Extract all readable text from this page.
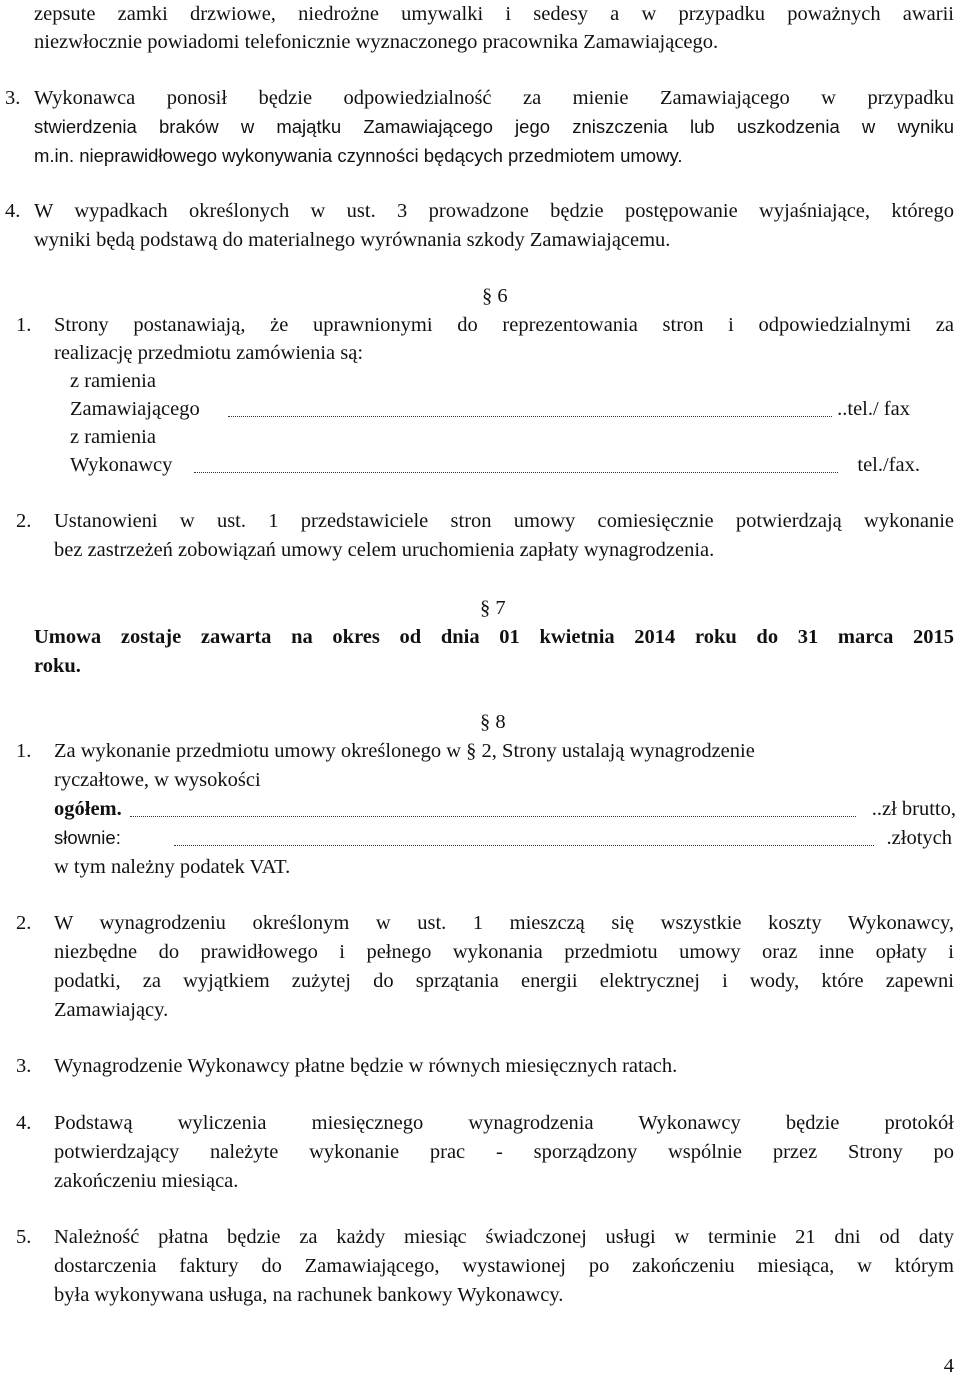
zepsute zamki drzwiowe, niedrożne umywalki i sedesy a w przypadku poważnych awarii
niezwłocznie powiadomi telefonicznie wyznaczonego pracownika Zamawiającego.
3. Wykonawca ponosił będzie odpowiedzialność za mienie Zamawiającego w przypadku
stwierdzenia braków w majątku Zamawiającego jego zniszczenia lub uszkodzenia w wyniku
m.in. nieprawidłowego wykonywania czynności będących przedmiotem umowy.
4. W wypadkach określonych w ust. 3 prowadzone będzie postępowanie wyjaśniające, którego
wyniki będą podstawą do materialnego wyrównania szkody Zamawiającemu.
§ 6
1. Strony postanawiają, że uprawnionymi do reprezentowania stron i odpowiedzialnymi za
realizację przedmiotu zamówienia są:
z ramienia
Zamawiającego	..tel./ fax
z ramienia
Wykonawcy	tel./fax.
2. Ustanowieni w ust. 1 przedstawiciele stron umowy comiesięcznie potwierdzają wykonanie
bez zastrzeżeń zobowiązań umowy celem uruchomienia zapłaty wynagrodzenia.
§ 7
Umowa zostaje zawarta na okres od dnia 01 kwietnia 2014 roku do 31 marca 2015
roku.
§ 8
1. Za wykonanie przedmiotu umowy określonego w § 2, Strony ustalają wynagrodzenie
ryczałtowe, w wysokości
ogółem.	..zł brutto,
słownie:	.złotych
w tym należny podatek VAT.
2. W wynagrodzeniu określonym w ust. 1 mieszczą się wszystkie koszty Wykonawcy,
niezbędne do prawidłowego i pełnego wykonania przedmiotu umowy oraz inne opłaty i
podatki, za wyjątkiem zużytej do sprzątania energii elektrycznej i wody, które zapewni
Zamawiający.
3. Wynagrodzenie Wykonawcy płatne będzie w równych miesięcznych ratach.
4. Podstawą wyliczenia miesięcznego wynagrodzenia Wykonawcy będzie protokół
potwierdzający należyte wykonanie prac - sporządzony wspólnie przez Strony po
zakończeniu miesiąca.
5. Należność płatna będzie za każdy miesiąc świadczonej usługi w terminie 21 dni od daty
dostarczenia faktury do Zamawiającego, wystawionej po zakończeniu miesiąca, w którym
była wykonywana usługa, na rachunek bankowy Wykonawcy.
4
